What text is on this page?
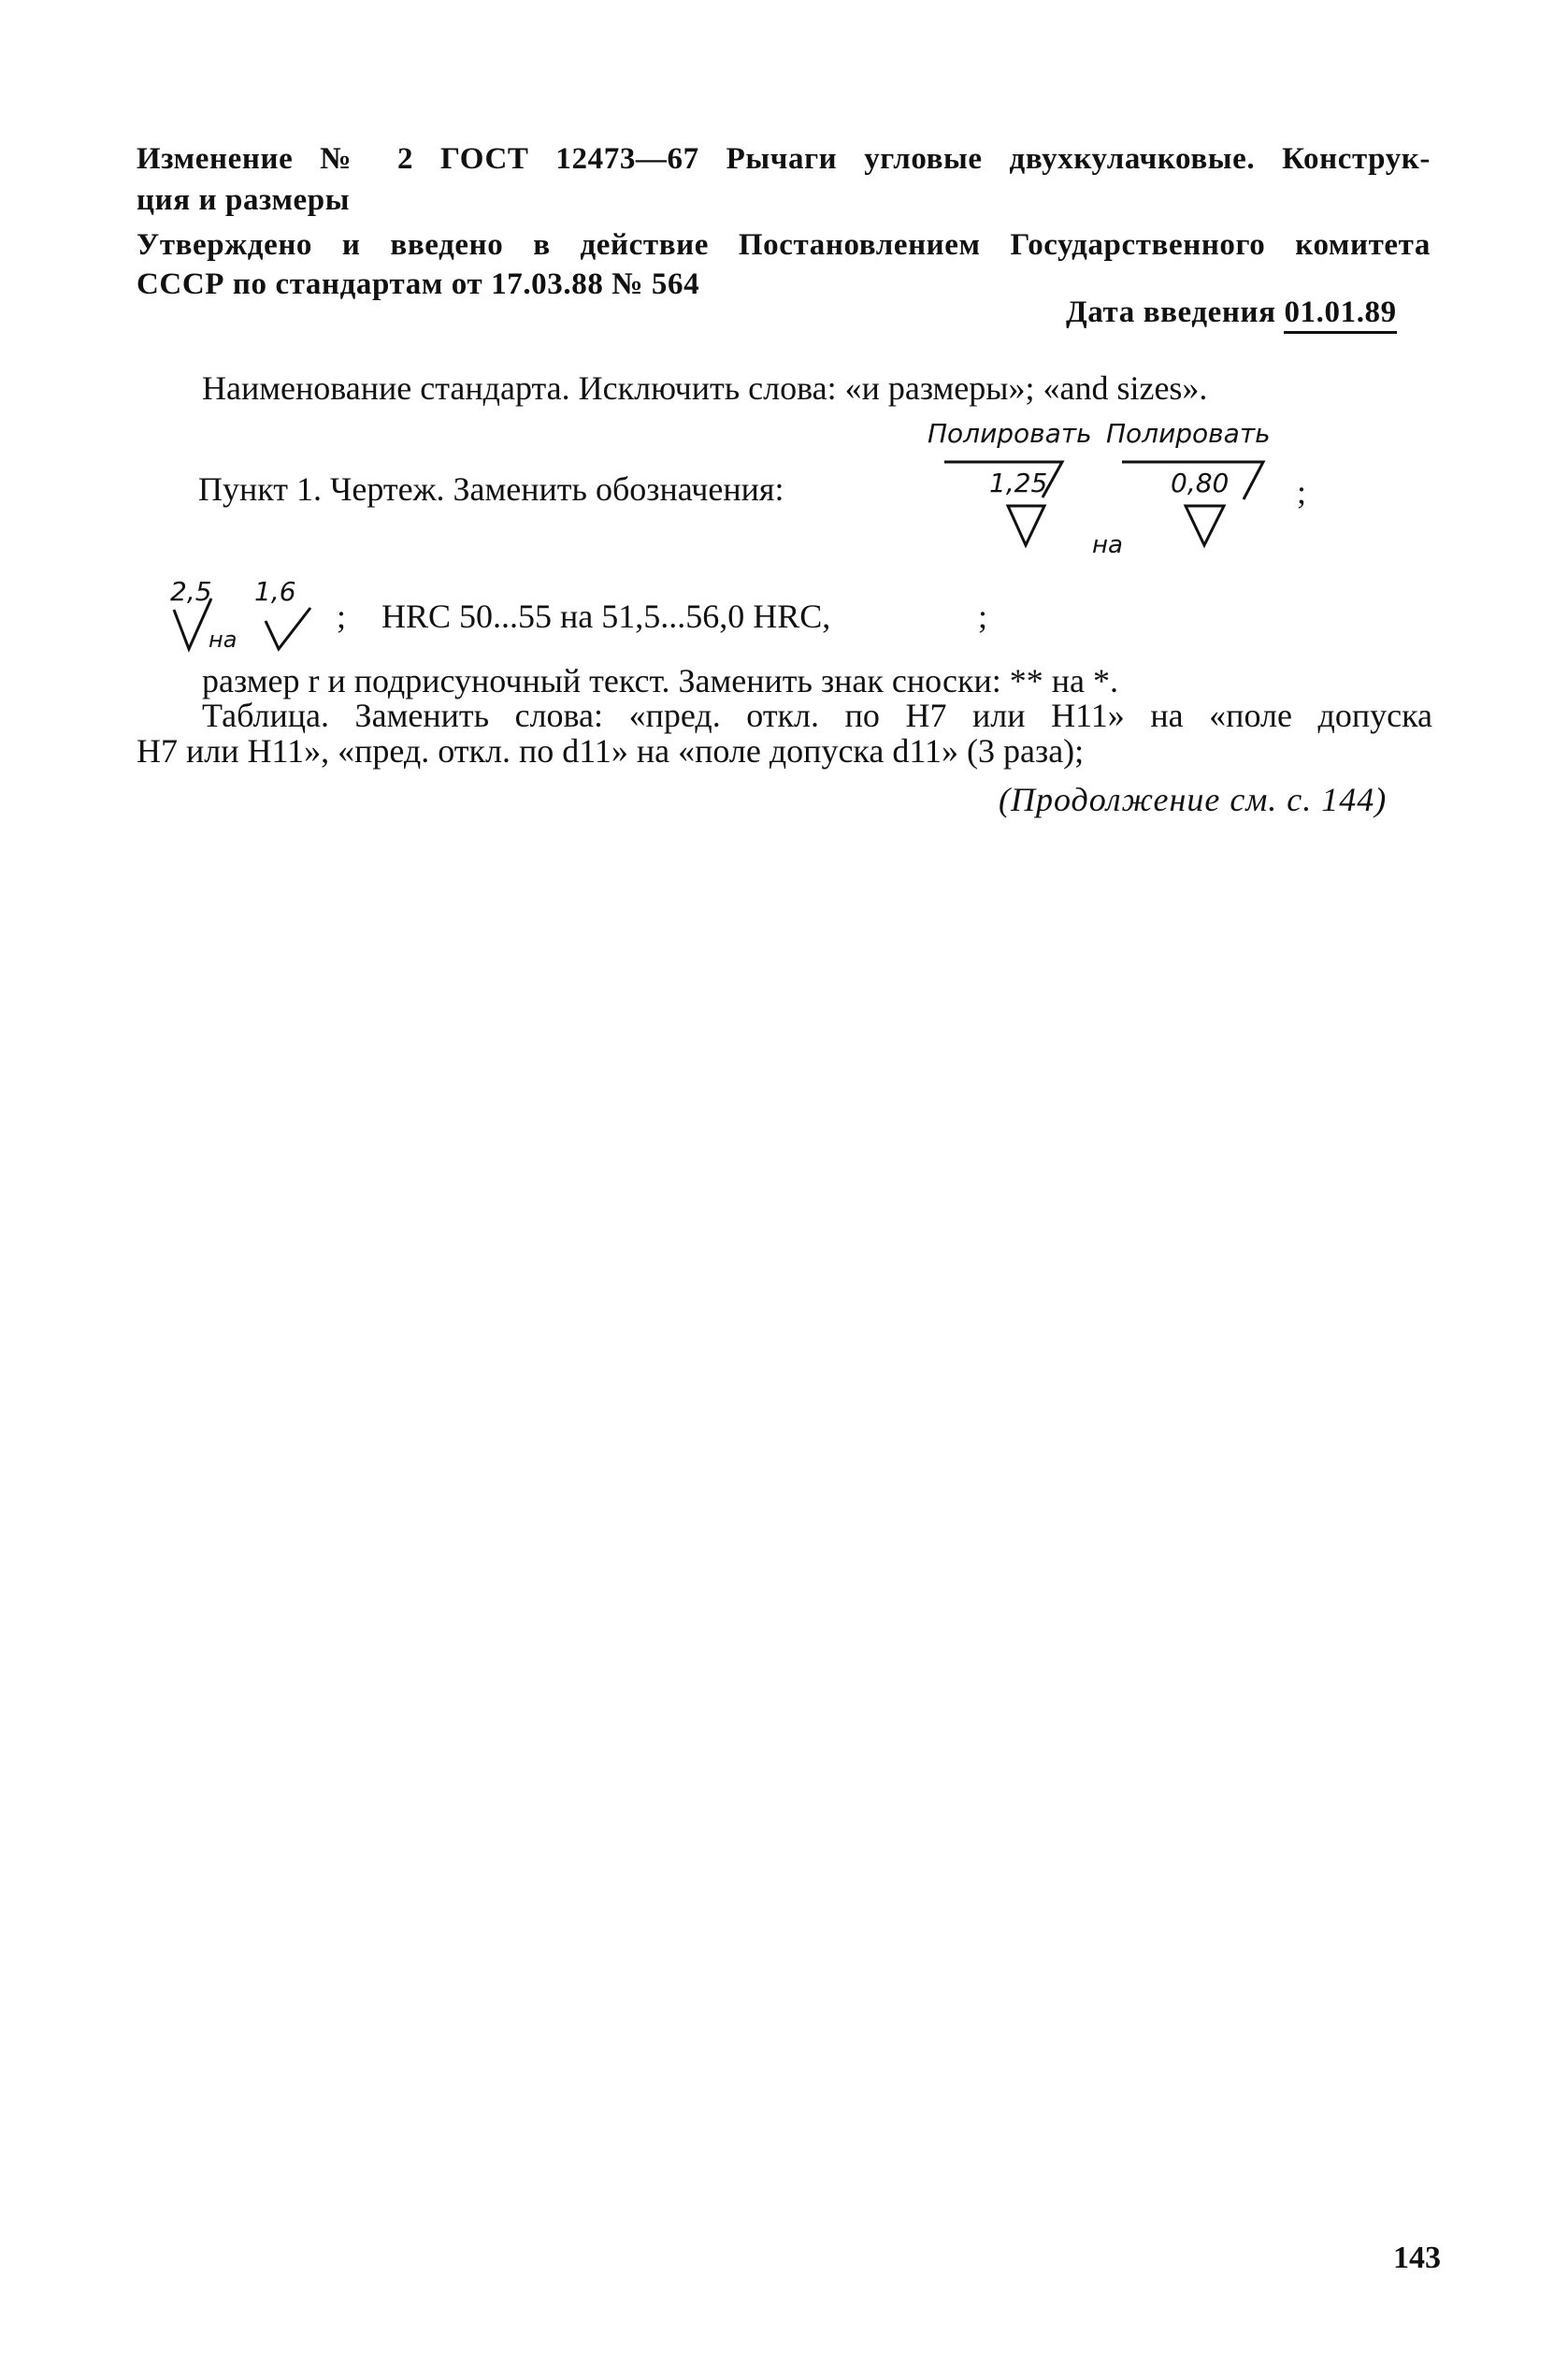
Изменение № 2 ГОСТ 12473—67 Рычаги угловые двухкулачковые. Конструк-
ция и размеры
Утверждено и введено в действие Постановлением Государственного комитета
СССР по стандартам от 17.03.88 № 564
Дата введения 01.01.89
Наименование стандарта. Исключить слова: «и размеры»; «and sizes».
Пункт 1. Чертеж. Заменить обозначения:
Полировать
1,25
на
Полировать
0,80 ;
2,5 1,6
на
; HRC 50...55 на 51,5...56,0 HRC,	;
размер r и подрисуночный текст. Заменить знак сноски: ** на *.
Таблица. Заменить слова: «пред. откл. по H7 или H11» на «поле допуска
H7 или H11», «пред. откл. по d11» на «поле допуска d11» (3 раза);
(Продолжение см. с. 144)
143
